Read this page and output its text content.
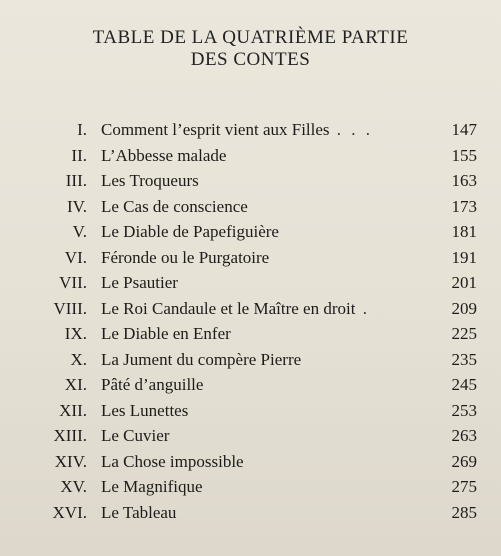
TABLE DE LA QUATRIÈME PARTIE
DES CONTES
I. Comment l’esprit vient aux Filles . . .	147
II. L’Abbesse malade	155
III. Les Troqueurs	163
IV. Le Cas de conscience	173
V. Le Diable de Papefiguière	181
VI. Féronde ou le Purgatoire	191
VII. Le Psautier	201
VIII. Le Roi Candaule et le Maître en droit .	209
IX. Le Diable en Enfer	225
X. La Jument du compère Pierre	235
XI. Pâté d’anguille	245
XII. Les Lunettes	253
XIII. Le Cuvier	263
XIV. La Chose impossible	269
XV. Le Magnifique	275
XVI. Le Tableau	285
